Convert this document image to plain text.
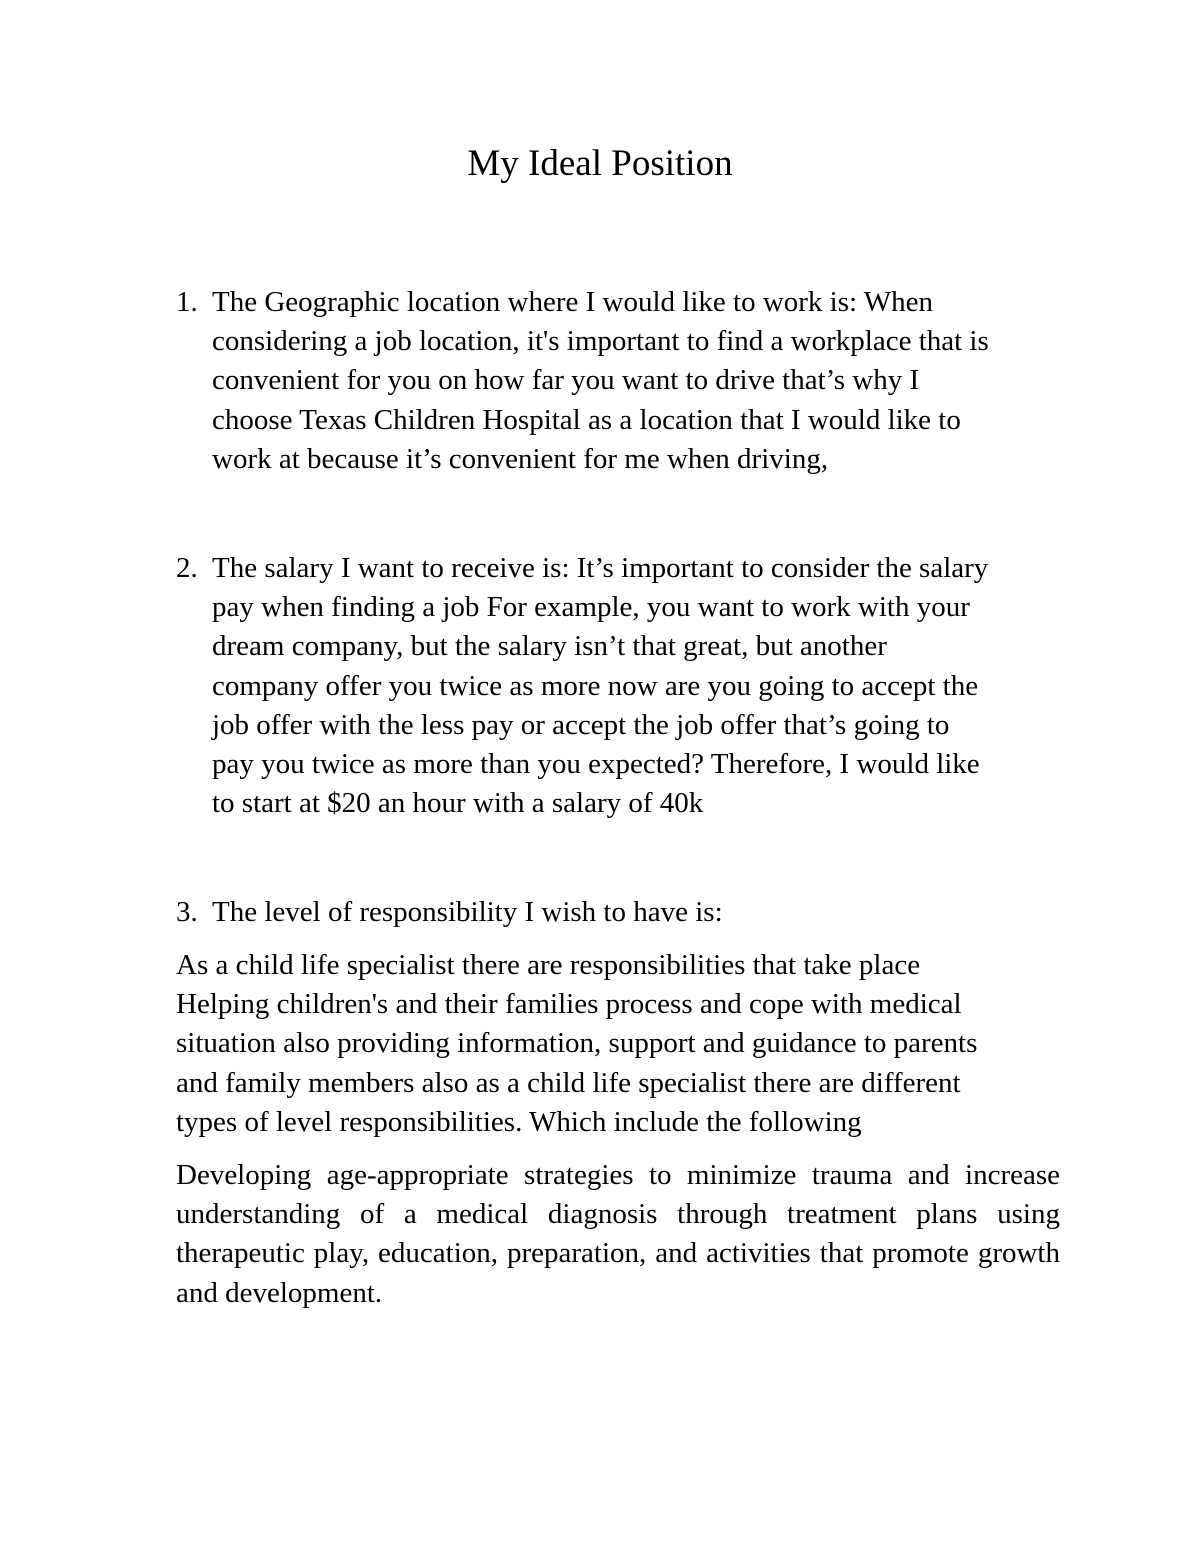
My Ideal Position
1. The Geographic location where I would like to work is: When
considering a job location, it's important to find a workplace that is
convenient for you on how far you want to drive that’s why I
choose Texas Children Hospital as a location that I would like to
work at because it’s convenient for me when driving,
2. The salary I want to receive is: It’s important to consider the salary
pay when finding a job For example, you want to work with your
dream company, but the salary isn’t that great, but another
company offer you twice as more now are you going to accept the
job offer with the less pay or accept the job offer that’s going to
pay you twice as more than you expected? Therefore, I would like
to start at $20 an hour with a salary of 40k
3. The level of responsibility I wish to have is:

As a child life specialist there are responsibilities that take place
Helping children's and their families process and cope with medical
situation also providing information, support and guidance to parents
and family members also as a child life specialist there are different
types of level responsibilities. Which include the following

Developing age-appropriate strategies to minimize trauma and increase understanding of a medical diagnosis through treatment plans using therapeutic play, education, preparation, and activities that promote growth and development.
